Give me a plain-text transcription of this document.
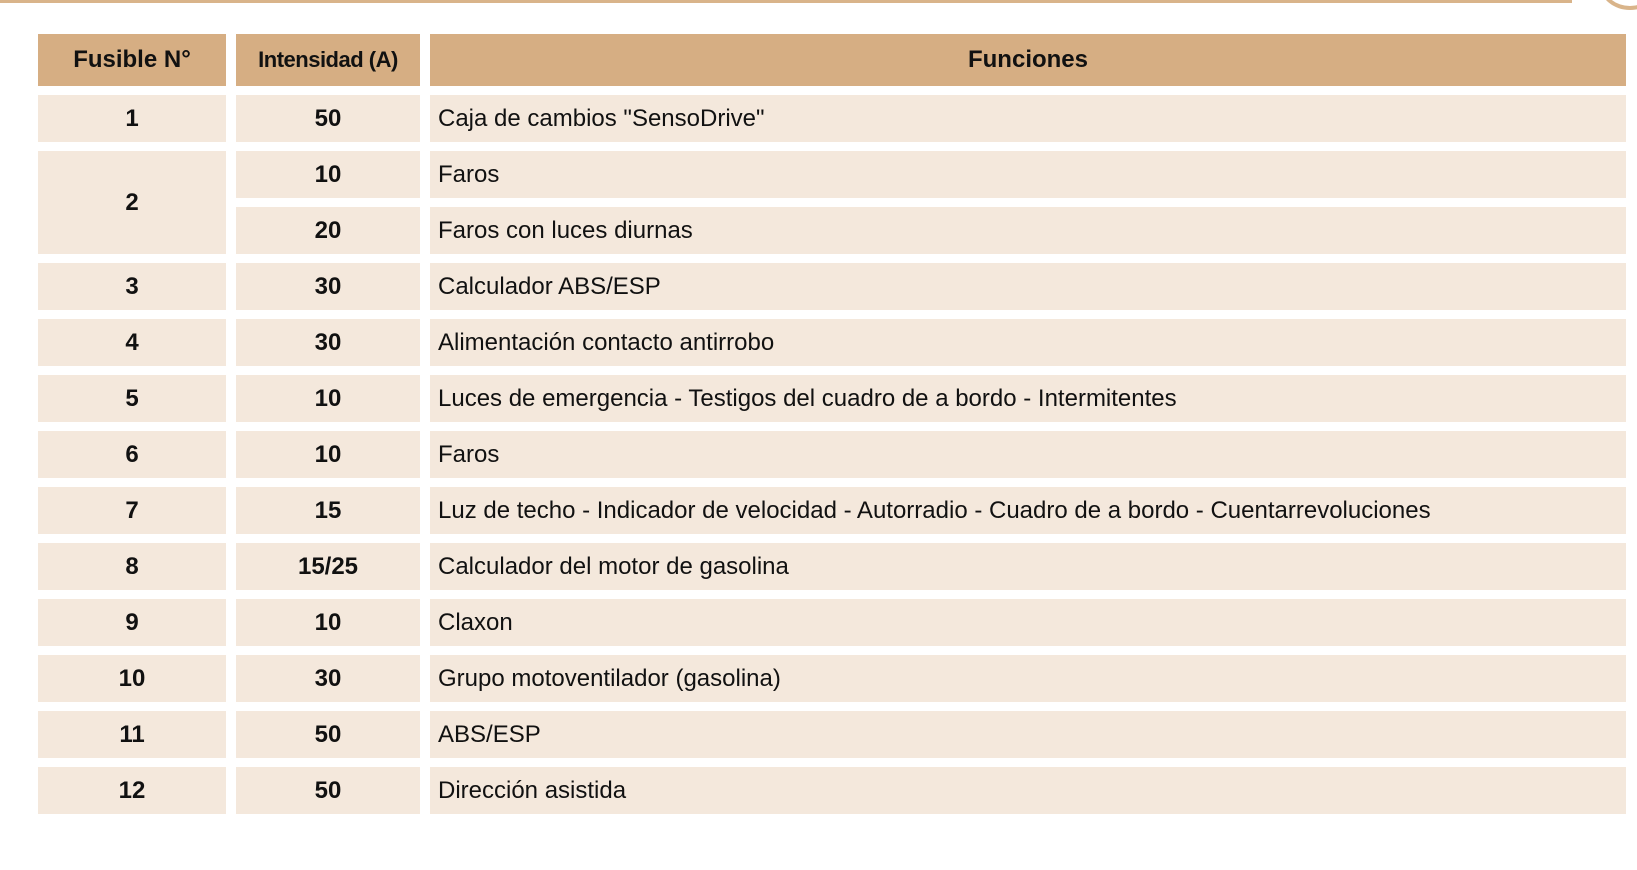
Fusible N°	Intensidad (A)	Funciones
1	50	Caja de cambios "SensoDrive"
2	10	Faros
	20	Faros con luces diurnas
3	30	Calculador ABS/ESP
4	30	Alimentación contacto antirrobo
5	10	Luces de emergencia - Testigos del cuadro de a bordo - Intermitentes
6	10	Faros
7	15	Luz de techo - Indicador de velocidad - Autorradio - Cuadro de a bordo - Cuentarrevoluciones
8	15/25	Calculador del motor de gasolina
9	10	Claxon
10	30	Grupo motoventilador (gasolina)
11	50	ABS/ESP
12	50	Dirección asistida
